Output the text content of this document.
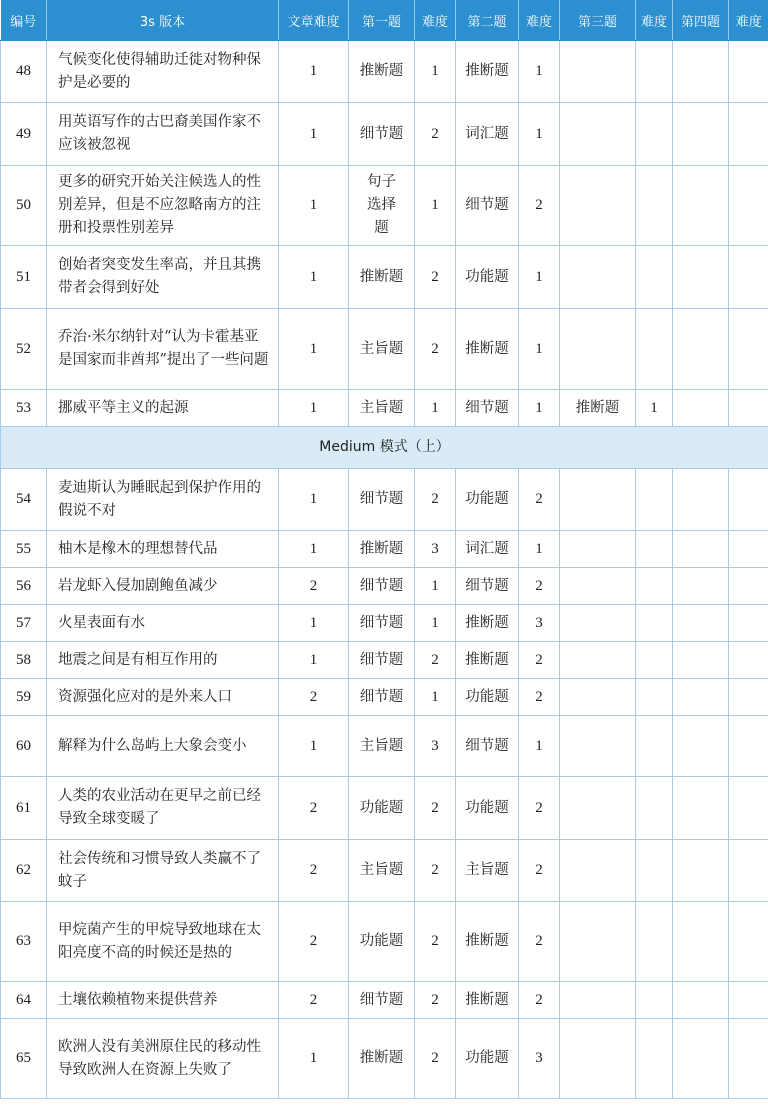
编号	3s 版本	文章难度	第一题	难度	第二题	难度	第三题	难度	第四题	难度
48	气候变化使得辅助迁徙对物种保护是必要的	1	推断题	1	推断题	1				
49	用英语写作的古巴裔美国作家不应该被忽视	1	细节题	2	词汇题	1				
50	更多的研究开始关注候选人的性别差异，但是不应忽略南方的注册和投票性别差异	1	句子选择题	1	细节题	2				
51	创始者突变发生率高，并且其携带者会得到好处	1	推断题	2	功能题	1				
52	乔治·米尔纳针对“认为卡霍基亚是国家而非酋邦”提出了一些问题	1	主旨题	2	推断题	1				
53	挪威平等主义的起源	1	主旨题	1	细节题	1	推断题	1		
Medium 模式（上）										
54	麦迪斯认为睡眠起到保护作用的假说不对	1	细节题	2	功能题	2				
55	柚木是橡木的理想替代品	1	推断题	3	词汇题	1				
56	岩龙虾入侵加剧鲍鱼减少	2	细节题	1	细节题	2				
57	火星表面有水	1	细节题	1	推断题	3				
58	地震之间是有相互作用的	1	细节题	2	推断题	2				
59	资源强化应对的是外来人口	2	细节题	1	功能题	2				
60	解释为什么岛屿上大象会变小	1	主旨题	3	细节题	1				
61	人类的农业活动在更早之前已经导致全球变暖了	2	功能题	2	功能题	2				
62	社会传统和习惯导致人类赢不了蚊子	2	主旨题	2	主旨题	2				
63	甲烷菌产生的甲烷导致地球在太阳亮度不高的时候还是热的	2	功能题	2	推断题	2				
64	土壤依赖植物来提供营养	2	细节题	2	推断题	2				
65	欧洲人没有美洲原住民的移动性导致欧洲人在资源上失败了	1	推断题	2	功能题	3				
